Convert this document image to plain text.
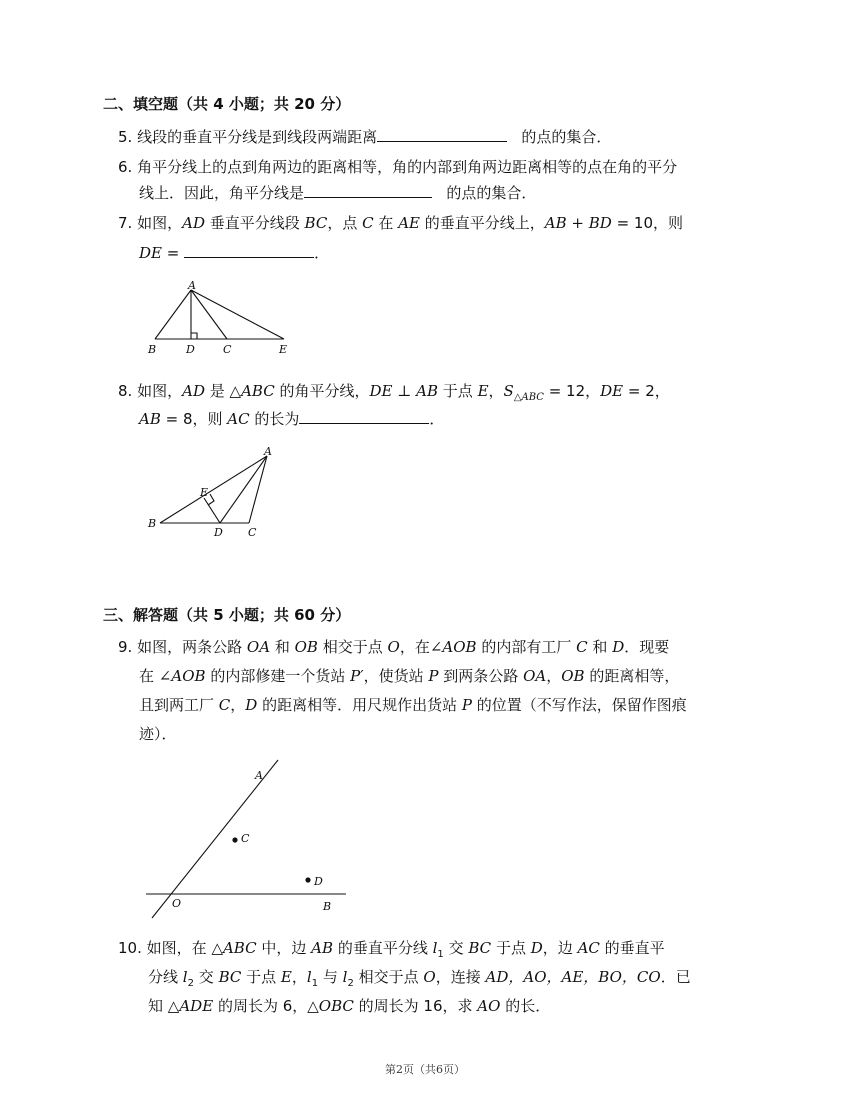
二、填空题（共 4 小题；共 20 分）
5. 线段的垂直平分线是到线段两端距离	的点的集合．
6. 角平分线上的点到角两边的距离相等，角的内部到角两边距离相等的点在角的平分
线上．因此，角平分线是	的点的集合．
7. 如图，AD 垂直平分线段 BC，点 C 在 AE 的垂直平分线上，AB + BD = 10，则
DE =	．
A
B	D	C	E
8. 如图，AD 是 △ABC 的角平分线，DE ⊥ AB 于点 E，$S_{\triangle ABC} = 12$，DE = 2，
AB = 8，则 AC 的长为	．
A
B
E
D C
三、解答题（共 5 小题；共 60 分）
9. 如图，两条公路 OA 和 OB 相交于点 O，在∠AOB 的内部有工厂 C 和 D．现要
在 ∠AOB 的内部修建一个货站 P′，使货站 P 到两条公路 OA，OB 的距离相等，
且到两工厂 C，D 的距离相等．用尺规作出货站 P 的位置（不写作法，保留作图痕
迹）．
A
C
D
O	B
10. 如图，在 △ABC 中，边 AB 的垂直平分线 $l_1$ 交 BC 于点 D，边 AC 的垂直平
分线 $l_2$ 交 BC 于点 E，$l_1$ 与 $l_2$ 相交于点 O，连接 AD，AO，AE，BO，CO．已
知 △ADE 的周长为 6，△OBC 的周长为 16，求 AO 的长．
第2页（共6页）
